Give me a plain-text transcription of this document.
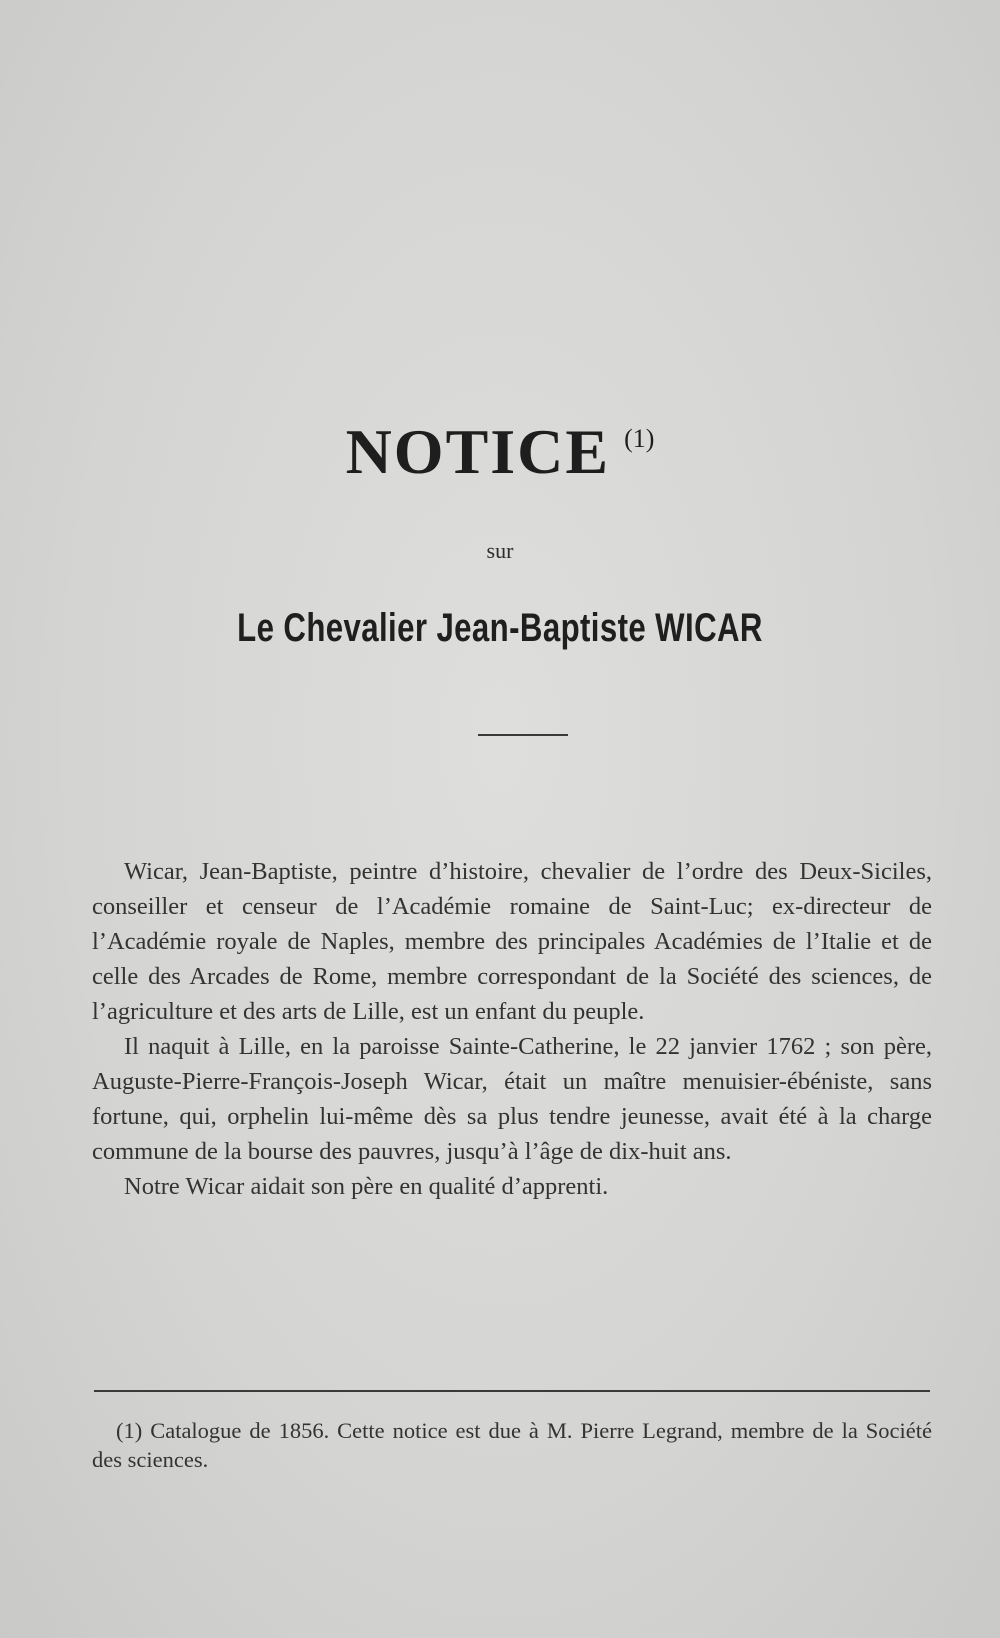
NOTICE $^{(1)}$
sur
Le Chevalier Jean-Baptiste WICAR

Wicar, Jean-Baptiste, peintre d’histoire, chevalier de l’ordre des Deux-Siciles, conseiller et censeur de l’Académie romaine de Saint-Luc; ex-directeur de l’Académie royale de Naples, membre des principales Académies de l’Italie et de celle des Arcades de Rome, membre correspondant de la Société des sciences, de l’agriculture et des arts de Lille, est un enfant du peuple.

Il naquit à Lille, en la paroisse Sainte-Catherine, le 22 janvier 1762 ; son père, Auguste-Pierre-François-Joseph Wicar, était un maître menuisier-ébéniste, sans fortune, qui, orphelin lui-même dès sa plus tendre jeunesse, avait été à la charge commune de la bourse des pauvres, jusqu’à l’âge de dix-huit ans.

Notre Wicar aidait son père en qualité d’apprenti.

(1) Catalogue de 1856. Cette notice est due à M. Pierre Legrand, membre de la Société des sciences.
